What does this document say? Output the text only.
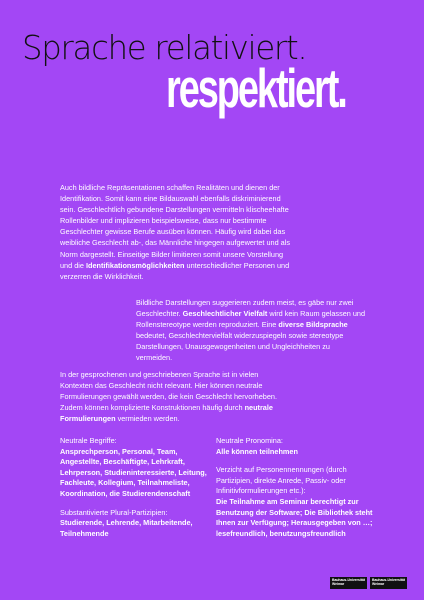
Sprache relativiert.
respektiert.

Auch bildliche Repräsentationen schaffen Realitäten und dienen der Identifikation. Somit kann eine Bildauswahl ebenfalls diskriminierend sein. Geschlechtlich gebundene Darstellungen vermitteln klischeehafte Rollenbilder und implizieren beispielsweise, dass nur bestimmte Geschlechter gewisse Berufe ausüben können. Häufig wird dabei das weibliche Geschlecht ab-, das Männliche hingegen aufgewertet und als Norm dargestellt. Einseitige Bilder limitieren somit unsere Vorstellung und die Identifikationsmöglichkeiten unterschiedlicher Personen und verzerren die Wirklichkeit.

Bildliche Darstellungen suggerieren zudem meist, es gäbe nur zwei Geschlechter. Geschlechtlicher Vielfalt wird kein Raum gelassen und Rollenstereotype werden reproduziert. Eine diverse Bildsprache bedeutet, Geschlechtervielfalt widerzuspiegeln sowie stereotype Darstellungen, Unausgewogenheiten und Ungleichheiten zu vermeiden.

In der gesprochenen und geschriebenen Sprache ist in vielen Kontexten das Geschlecht nicht relevant. Hier können neutrale Formulierungen gewählt werden, die kein Geschlecht hervorheben. Zudem können komplizierte Konstruktionen häufig durch neutrale Formulierungen vermieden werden.

Neutrale Begriffe:
Ansprechperson, Personal, Team, Angestellte, Beschäftigte, Lehrkraft, Lehrperson, Studieninteressierte, Leitung, Fachleute, Kollegium, Teilnahmeliste, Koordination, die Studierendenschaft
Substantivierte Plural-Partizipien:
Studierende, Lehrende, Mitarbeitende, Teilnehmende
Neutrale Pronomina:
Alle können teilnehmen
Verzicht auf Personennennungen (durch Partizipien, direkte Anrede, Passiv- oder Infinitivformulierungen etc.):
Die Teilnahme am Seminar berechtigt zur Benutzung der Software; Die Bibliothek steht Ihnen zur Verfügung; Herausgegeben von …; lesefreundlich, benutzungsfreundlich
Bauhaus-Universität Weimar
Bauhaus-Universität Weimar
